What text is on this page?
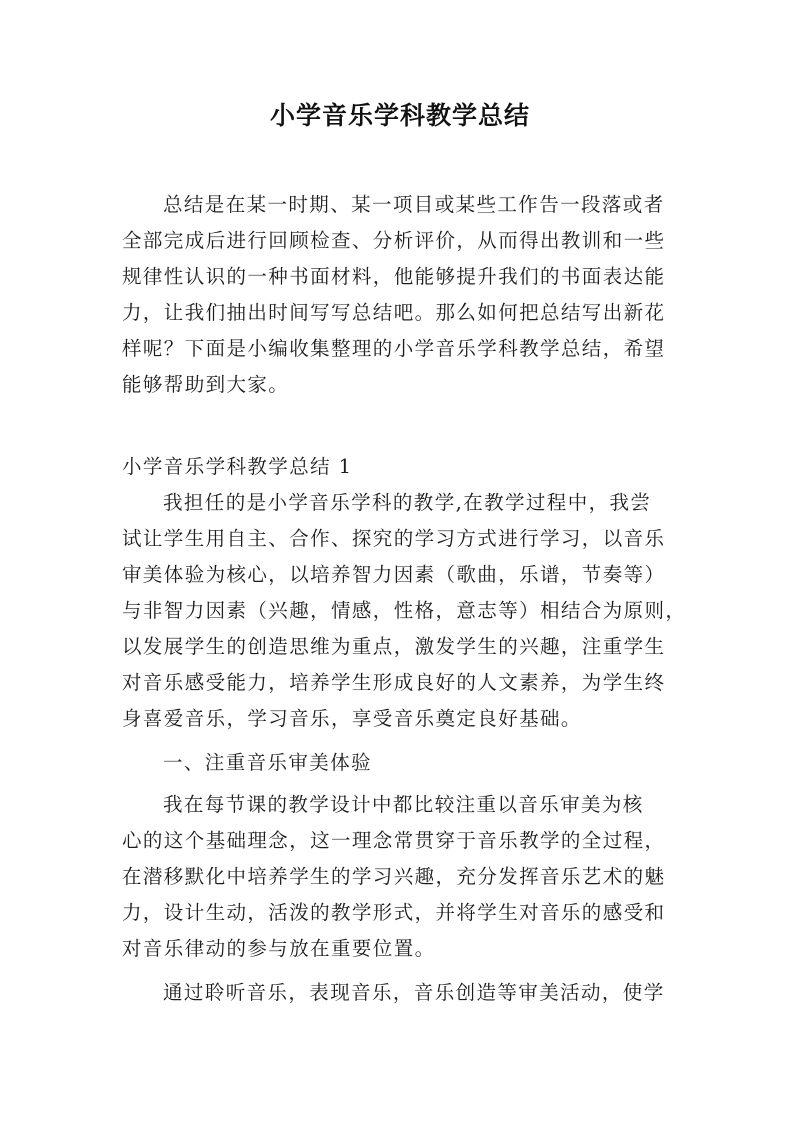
小学音乐学科教学总结
总结是在某一时期、某一项目或某些工作告一段落或者
全部完成后进行回顾检查、分析评价，从而得出教训和一些
规律性认识的一种书面材料，他能够提升我们的书面表达能
力，让我们抽出时间写写总结吧。那么如何把总结写出新花
样呢？下面是小编收集整理的小学音乐学科教学总结，希望
能够帮助到大家。
小学音乐学科教学总结 1
我担任的是小学音乐学科的教学,在教学过程中，我尝
试让学生用自主、合作、探究的学习方式进行学习，以音乐
审美体验为核心，以培养智力因素（歌曲，乐谱，节奏等）
与非智力因素（兴趣，情感，性格，意志等）相结合为原则，
以发展学生的创造思维为重点，激发学生的兴趣，注重学生
对音乐感受能力，培养学生形成良好的人文素养，为学生终
身喜爱音乐，学习音乐，享受音乐奠定良好基础。
一、注重音乐审美体验
我在每节课的教学设计中都比较注重以音乐审美为核
心的这个基础理念，这一理念常贯穿于音乐教学的全过程，
在潜移默化中培养学生的学习兴趣，充分发挥音乐艺术的魅
力，设计生动，活泼的教学形式，并将学生对音乐的感受和
对音乐律动的参与放在重要位置。
通过聆听音乐，表现音乐，音乐创造等审美活动，使学
